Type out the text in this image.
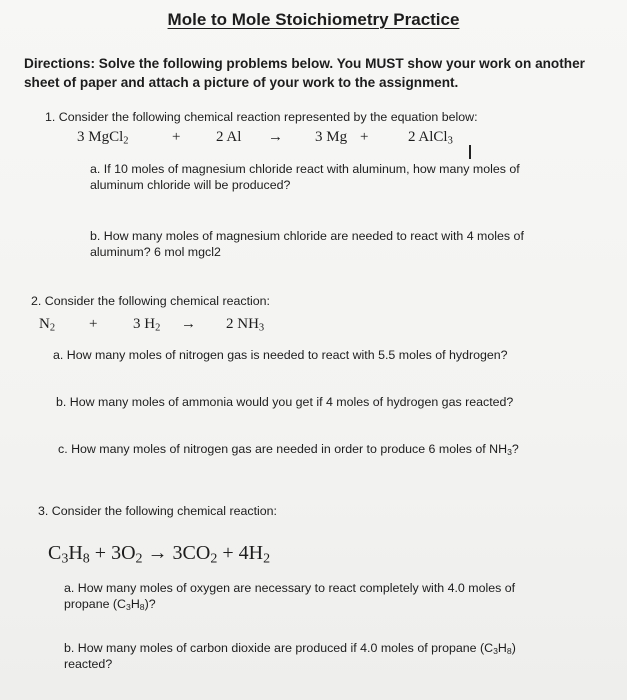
Mole to Mole Stoichiometry Practice
Directions: Solve the following problems below. You MUST show your work on another sheet of paper and attach a picture of your work to the assignment.
1. Consider the following chemical reaction represented by the equation below:
3 MgCl$_2$	+ 2 Al → 3 Mg +	2 AlCl$_3$
a. If 10 moles of magnesium chloride react with aluminum, how many moles of aluminum chloride will be produced?
b. How many moles of magnesium chloride are needed to react with 4 moles of aluminum? 6 mol mgcl2
2. Consider the following chemical reaction:
$N_2 + 3$ $H_2 \to 2$ $NH_3$
a. How many moles of nitrogen gas is needed to react with 5.5 moles of hydrogen?
b. How many moles of ammonia would you get if 4 moles of hydrogen gas reacted?
c. How many moles of nitrogen gas are needed in order to produce 6 moles of $NH_3$?
3. Consider the following chemical reaction:
$C_3H_8 + 3O_2 \to 3CO_2 + 4H_2$
a. How many moles of oxygen are necessary to react completely with 4.0 moles of propane $(C_3H_8)$?
b. How many moles of carbon dioxide are produced if 4.0 moles of propane $(C_3H_8)$ reacted?
